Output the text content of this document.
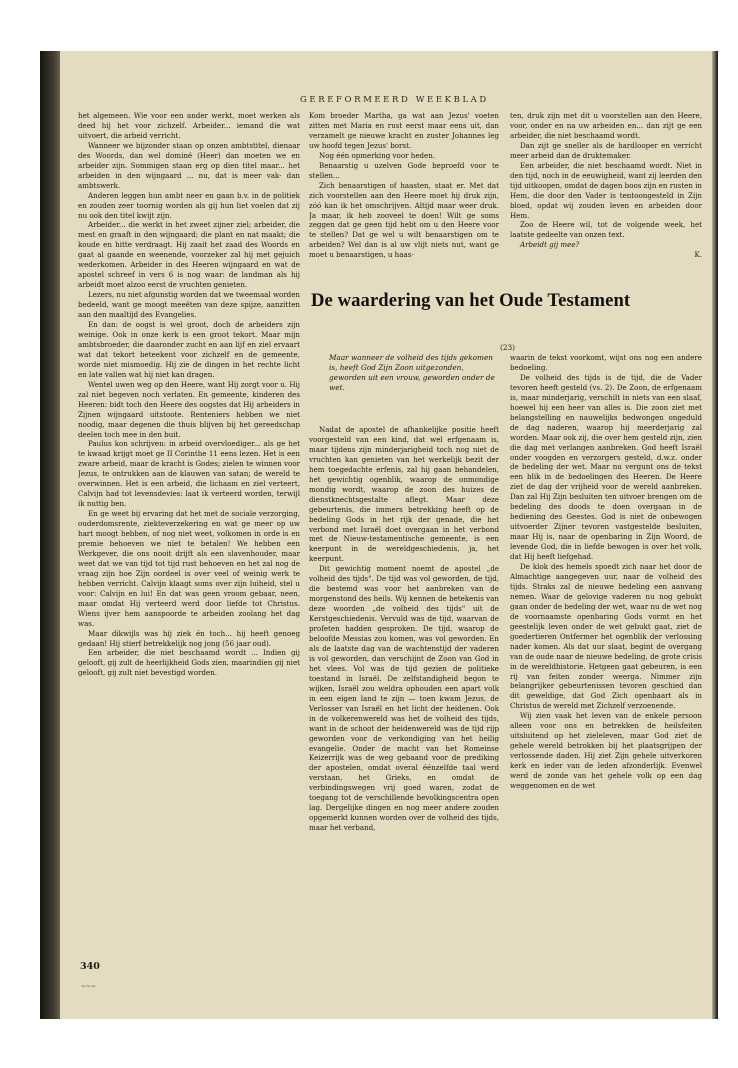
GEREFORMEERD WEEKBLAD

het algemeen. Wie voor een ander werkt, moet werken als deed hij het voor zichzelf. Arbeider... iemand die wat uitvoert, die arbeid verricht.

Wanneer we bijzonder staan op onzen ambtstitel, dienaar des Woords, dan wel dominé (Heer) dan moeten we en arbeider zijn. Sommigen staan erg op dien titel maar... het arbeiden in den wijngaard ... nu, dat is meer vak- dan ambtswerk.

Anderen leggen hun ambt neer en gaan b.v. in de politiek en zouden zeer toornig worden als gij hun liet voelen dat zij nu ook den titel kwijt zijn.

Arbeider... die werkt in het zweet zijner ziel; arbeider, die mest en graaft in den wijngaard; die plant en nat maakt; die koude en hitte verdraagt. Hij zaait het zaad des Woords en gaat al gaande en weenende, voorzeker zal hij met gejuich wederkomen. Arbeider in des Heeren wijngaard en wat de apostel schreef in vers 6 is nog waar: de landman als hij arbeidt moet alzoo eerst de vruchten genieten.

Lezers, nu niet afgunstig worden dat we tweemaal worden bedeeld, want ge moogt meeëten van deze spijze, aanzitten aan den maaltijd des Evangelies.

En dan: de oogst is wel groot, doch de arbeiders zijn weinige. Ook in onze kerk is een groot tekort. Maar mijn ambtsbroeder, die daaronder zucht en aan lijf en ziel ervaart wat dat tekort beteekent voor zichzelf en de gemeente, worde niet mismoedig. Hij zie de dingen in het rechte licht en late vallen wat hij niet kan dragen.

Wentel uwen weg op den Heere, want Hij zorgt voor u. Hij zal niet begeven noch verlaten. En gemeente, kinderen des Heeren: bidt toch den Heere des oogstes dat Hij arbeiders in Zijnen wijngaard uitstoote. Renteniers hebben we niet noodig, maar degenen die thuis blijven bij het gereedschap deelen toch mee in den buit.

Paulus kon schrijven: in arbeid overvloediger... als ge het te kwaad krijgt moet ge II Corinthe 11 eens lezen. Het is een zware arbeid, maar de kracht is Godes; zielen te winnen voor Jezus, te ontrukken aan de klauwen van satan; de wereld te overwinnen. Het is een arbeid, die lichaam en ziel verteert, Calvijn had tot levensdevies: laat ik verteerd worden, terwijl ik nuttig ben.

En ge weet bij ervaring dat het met de sociale verzorging, ouderdomsrente, ziekteverzekering en wat ge meer op uw hart moogt hebben, of nog niet weet, volkomen in orde is en premie behoeven we niet te betalen! We hebben een Werkgever, die ons nooit drijft als een slavenhouder, maar weet dat we van tijd tot tijd rust behoeven en het zal nog de vraag zijn hoe Zijn oordeel is over veel of weinig werk te hebben verricht. Calvijn klaagt soms over zijn luiheid, stel u voor: Calvijn en lui! En dat was geen vroom gebaar, neen, maar omdat Hij verteerd werd door liefde tot Christus. Wiens ijver hem aanspoorde te arbeiden zoolang het dag was.

Maar dikwijls was hij ziek én toch... hij heeft genoeg gedaan! Hij stierf betrekkelijk nog jong (56 jaar oud).

Een arbeider, die niet beschaamd wordt ... Indien gij gelooft, gij zult de heerlijkheid Gods zien, maarindien gij niet gelooft, gij zult niet bevestigd worden.

Kom broeder Martha, ga wat aan Jezus' voeten zitten met Maria en rust eerst maar eens uit, dan verzamelt ge nieuwe kracht en zuster Johannes leg uw hoofd tegen Jezus' borst.

Nog één opmerking voor heden.

Benaarstig u uzelven Gode beproefd voor te stellen...

Zich benaarstigen of haasten, staat er. Met dat zich voorstellen aan den Heere moet hij druk zijn, zóó kan ik het omschrijven. Altijd maar weer druk. Ja maar, ik heb zooveel te doen! Wilt ge soms zeggen dat ge geen tijd hebt om u den Heere voor te stellen? Dat ge wel u wilt benaarstigen om te arbeiden? Wel dan is al uw vlijt niets nut, want ge moet u benaarstigen, u haas-

ten, druk zijn met dit u voorstellen aan den Heere, voor, onder en na uw arbeiden en... dan zijt ge een arbeider, die niet beschaamd wordt.

Dan zijt ge sneller als de hardlooper en verricht meer arbeid dan de druktemaker.

Een arbeider, die niet beschaamd wordt. Niet in den tijd, noch in de eeuwigheid, want zij leerden den tijd uitkoopen, omdat de dagen boos zijn en rusten in Hem, die door den Vader is tentoongesteld in Zijn bloed, opdat wij zouden leven en arbeiden door Hem.

Zoo de Heere wil, tot de volgende week, het laatste gedeelte van onzen text.

Arbeidt gij mee?

K.

De waardering van het Oude Testament
(23)
Maar wanneer de volheid des tijds gekomen is, heeft God Zijn Zoon uitgezonden, geworden uit een vrouw, geworden onder de wet.

Nadat de apostel de afhankelijke positie heeft voorgesteld van een kind, dat wel erfgenaam is, maar tijdens zijn minderjarigheid toch nog niet de vruchten kan genieten van het werkelijk bezit der hem toegedachte erfenis, zal hij gaan behandelen, het gewichtig ogenblik, waarop de onmondige mondig wordt, waarop de zoon des huizes de dienstknechtsgestalte aflegt. Maar deze gebeurtenis, die immers betrekking heeft op de bedeling Gods in het rijk der genade, die het verbond met Israël doet overgaan in het verbond met de Nieuw-testamentische gemeente, is een keerpunt in de wereldgeschiedenis, ja, het keerpunt.

Dit gewichtig moment noemt de apostel „de volheid des tijds". De tijd was vol geworden, de tijd, die bestemd was voor het aanbreken van de morgenstond des heils. Wij kennen de betekenis van deze woorden „de volheid des tijds" uit de Kerstgeschiedenis. Vervuld was de tijd, waarvan de profeten hadden gesproken. De tijd, waarop de beloofde Messias zou komen, was vol geworden. En als de laatste dag van de wachtenstijd der vaderen is vol geworden, dan verschijnt de Zoon van God in het vlees. Vol was de tijd gezien de politieke toestand in Israël. De zelfstandigheid begon te wijken, Israël zou weldra ophouden een apart volk in een eigen land te zijn — toen kwam Jezus, de Verlosser van Israël en het licht der heidenen. Ook in de volkerenwereld was het de volheid des tijds, want in de schoot der heidenwereld was de tijd rijp geworden voor de verkondiging van het heilig evangelie. Onder de macht van het Romeinse Keizerrijk was de weg gebaand voor de prediking der apostelen, omdat overal éénzelfde taal werd verstaan, het Grieks, en omdat de verbindingswegen vrij goed waren, zodat de toegang tot de verschillende bevolkingscentra open lag. Dergelijke dingen en nog meer andere zouden opgemerkt kunnen worden over de volheid des tijds, maar het verband,

waarin de tekst voorkomt, wijst ons nog een andere bedoeling.

De volheid des tijds is de tijd, die de Vader tevoren heeft gesteld (vs. 2). De Zoon, de erfgenaam is, maar minderjarig, verschilt in niets van een slaaf, hoewel hij een heer van alles is. Die zoon ziet met belangstelling en nauwelijks bedwongen ongeduld de dag naderen, waarop hij meerderjarig zal worden. Maar ook zij, die over hem gesteld zijn, zien die dag met verlangen aanbreken. God heeft Israël onder voogden en verzorgers gesteld, d.w.z. onder de bedeling der wet. Maar nu vergunt ons de tekst een blik in de bedoelingen des Heeren. De Heere ziet de dag der vrijheid voor de wereld aanbreken. Dan zal Hij Zijn besluiten ten uitvoer brengen om de bedeling des doods te doen overgaan in de bediening des Geestes. God is niet de onbewogen uitvoerder Zijner tevoren vastgestelde besluiten, maar Hij is, naar de openbaring in Zijn Woord, de levende God, die in liefde bewogen is over het volk, dat Hij heeft liefgehad.

De klok des hemels spoedt zich naar het door de Almachtige aangegeven uur, naar de volheid des tijds. Straks zal de nieuwe bedeling een aanvang nemen. Waar de gelovige vaderen nu nog gebukt gaan onder de bedeling der wet, waar nu de wet nog de voornaamste openbaring Gods vormt en het geestelijk leven onder de wet gebukt gaat, ziet de goedertieren Ontfermer het ogenblik der verlossing nader komen. Als dat uur slaat, begint de overgang van de oude naar de nieuwe bedeling, de grote crisis in de wereldhistorie. Hetgeen gaat gebeuren, is een rij van feiten zonder weerga. Nimmer zijn belangrijker gebeurtenissen tevoren geschied dan dit geweldige, dat God Zich openbaart als in Christus de wereld met Zichzelf verzoenende.

Wij zien vaak het leven van de enkele persoon alleen voor ons en betrekken de heilsfeiten uitsluitend op het zieleleven, maar God ziet de gehele wereld betrokken bij het plaatsgrijpen der verlossende daden. Hij ziet Zijn gehele uitverkoren kerk en ieder van de leden afzonderlijk. Evenwel werd de zonde van het gehele volk op een dag weggenomen en de wet

340
~~~
